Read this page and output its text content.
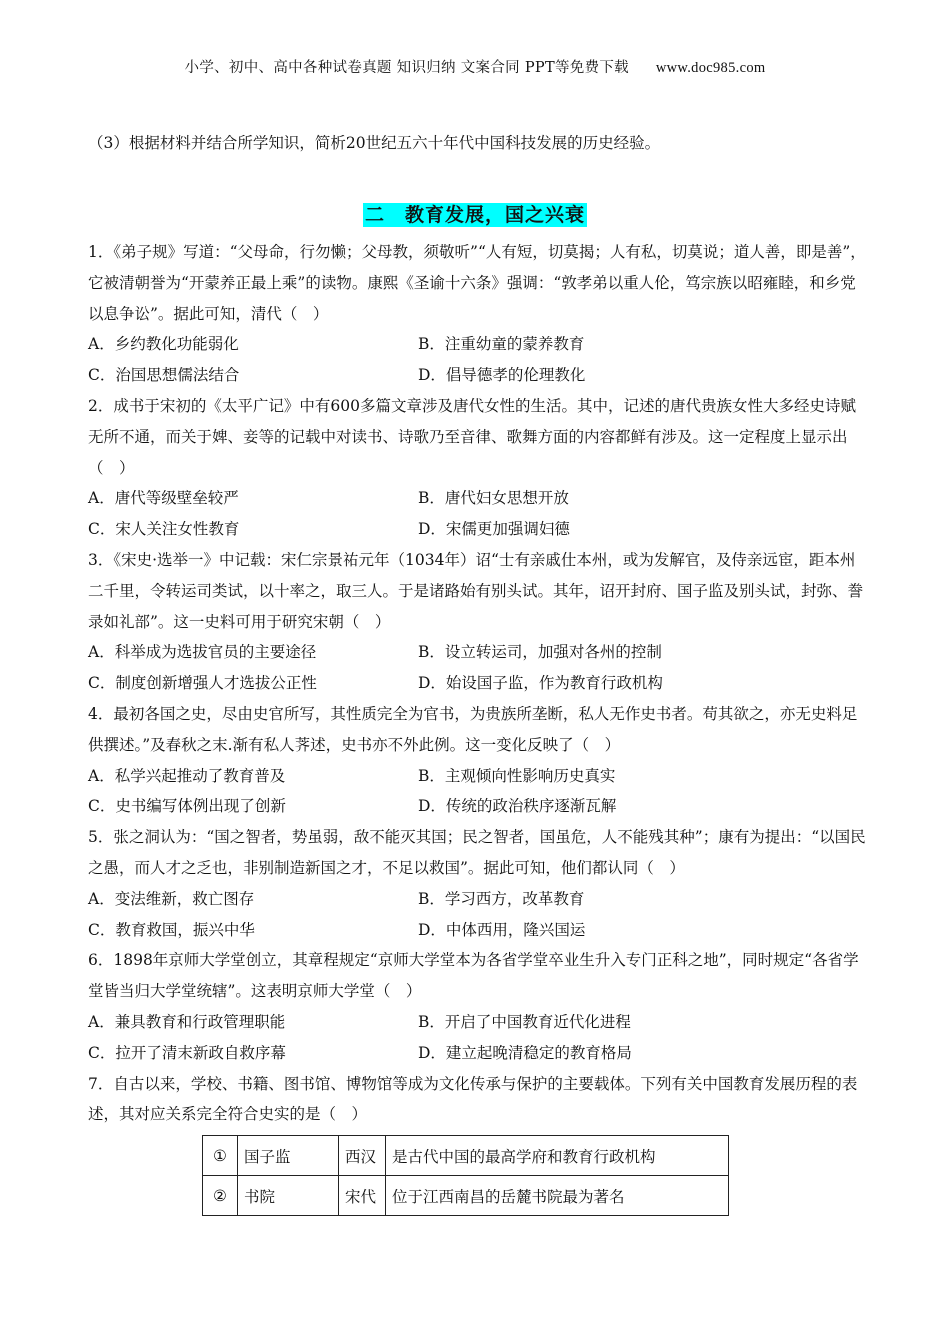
小学、初中、高中各种试卷真题 知识归纳 文案合同 PPT等免费下载 www.doc985.com
（3）根据材料并结合所学知识，简析20世纪五六十年代中国科技发展的历史经验。
二　教育发展，国之兴衰

1．《弟子规》写道：“父母命，行勿懒；父母教，须敬听”“人有短，切莫揭；人有私，切莫说；道人善，即是善”，它被清朝誉为“开蒙养正最上乘”的读物。康熙《圣谕十六条》强调：“敦孝弟以重人伦，笃宗族以昭雍睦，和乡党以息争讼”。据此可知，清代（　）

A．乡约教化功能弱化	B．注重幼童的蒙养教育
C．治国思想儒法结合	D．倡导德孝的伦理教化

2．成书于宋初的《太平广记》中有600多篇文章涉及唐代女性的生活。其中，记述的唐代贵族女性大多经史诗赋无所不通，而关于婢、妾等的记载中对读书、诗歌乃至音律、歌舞方面的内容都鲜有涉及。这一定程度上显示出（　）

A．唐代等级壁垒较严	B．唐代妇女思想开放
C．宋人关注女性教育	D．宋儒更加强调妇德

3．《宋史·选举一》中记载：宋仁宗景祐元年（1034年）诏“士有亲戚仕本州，或为发解官，及侍亲远宦，距本州二千里，令转运司类试，以十率之，取三人。于是诸路始有别头试。其年，诏开封府、国子监及别头试，封弥、誊录如礼部”。这一史料可用于研究宋朝（　）

A．科举成为选拔官员的主要途径	B．设立转运司，加强对各州的控制
C．制度创新增强人才选拔公正性	D．始设国子监，作为教育行政机构

4．最初各国之史，尽由史官所写，其性质完全为官书，为贵族所垄断，私人无作史书者。苟其欲之，亦无史料足供撰述。”及春秋之末.渐有私人荠述，史书亦不外此例。这一变化反映了（　）

A．私学兴起推动了教育普及	B．主观倾向性影响历史真实
C．史书编写体例出现了创新	D．传统的政治秩序逐渐瓦解

5．张之洞认为：“国之智者，势虽弱，敌不能灭其国；民之智者，国虽危，人不能残其种”；康有为提出：“以国民之愚，而人才之乏也，非别制造新国之才，不足以救国”。据此可知，他们都认同（　）

A．变法维新，救亡图存	B．学习西方，改革教育
C．教育救国，振兴中华	D．中体西用，隆兴国运

6．1898年京师大学堂创立，其章程规定“京师大学堂本为各省学堂卒业生升入专门正科之地”，同时规定“各省学堂皆当归大学堂统辖”。这表明京师大学堂（　）

A．兼具教育和行政管理职能	B．开启了中国教育近代化进程
C．拉开了清末新政自救序幕	D．建立起晚清稳定的教育格局

7．自古以来，学校、书籍、图书馆、博物馆等成为文化传承与保护的主要载体。下列有关中国教育发展历程的表述，其对应关系完全符合史实的是（　）

①	国子监	西汉	是古代中国的最高学府和教育行政机构
②	书院	宋代	位于江西南昌的岳麓书院最为著名
